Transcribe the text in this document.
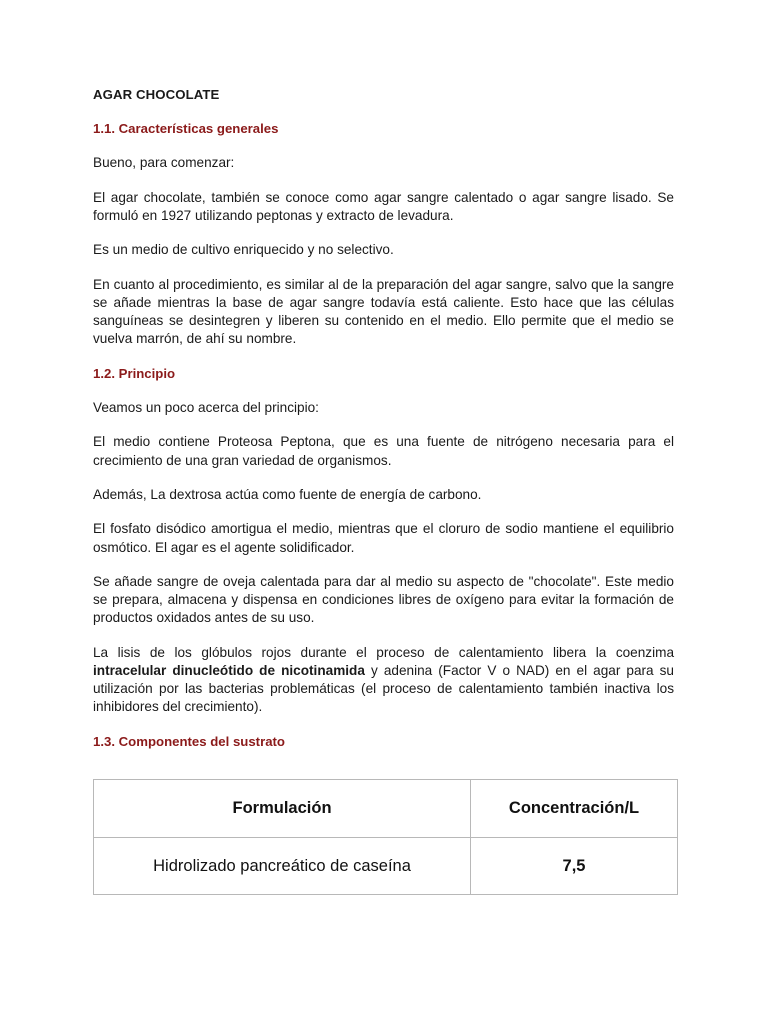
AGAR CHOCOLATE
1.1. Características generales

Bueno, para comenzar:

El agar chocolate, también se conoce como agar sangre calentado o agar sangre lisado. Se formuló en 1927 utilizando peptonas y extracto de levadura.

Es un medio de cultivo enriquecido y no selectivo.

En cuanto al procedimiento, es similar al de la preparación del agar sangre, salvo que la sangre se añade mientras la base de agar sangre todavía está caliente. Esto hace que las células sanguíneas se desintegren y liberen su contenido en el medio. Ello permite que el medio se vuelva marrón, de ahí su nombre.

1.2. Principio

Veamos un poco acerca del principio:

El medio contiene Proteosa Peptona, que es una fuente de nitrógeno necesaria para el crecimiento de una gran variedad de organismos.

Además, La dextrosa actúa como fuente de energía de carbono.

El fosfato disódico amortigua el medio, mientras que el cloruro de sodio mantiene el equilibrio osmótico. El agar es el agente solidificador.

Se añade sangre de oveja calentada para dar al medio su aspecto de "chocolate". Este medio se prepara, almacena y dispensa en condiciones libres de oxígeno para evitar la formación de productos oxidados antes de su uso.

La lisis de los glóbulos rojos durante el proceso de calentamiento libera la coenzima intracelular dinucleótido de nicotinamida y adenina (Factor V o NAD) en el agar para su utilización por las bacterias problemáticas (el proceso de calentamiento también inactiva los inhibidores del crecimiento).

1.3. Componentes del sustrato
Formulación	Concentración/L
Hidrolizado pancreático de caseína	7,5
